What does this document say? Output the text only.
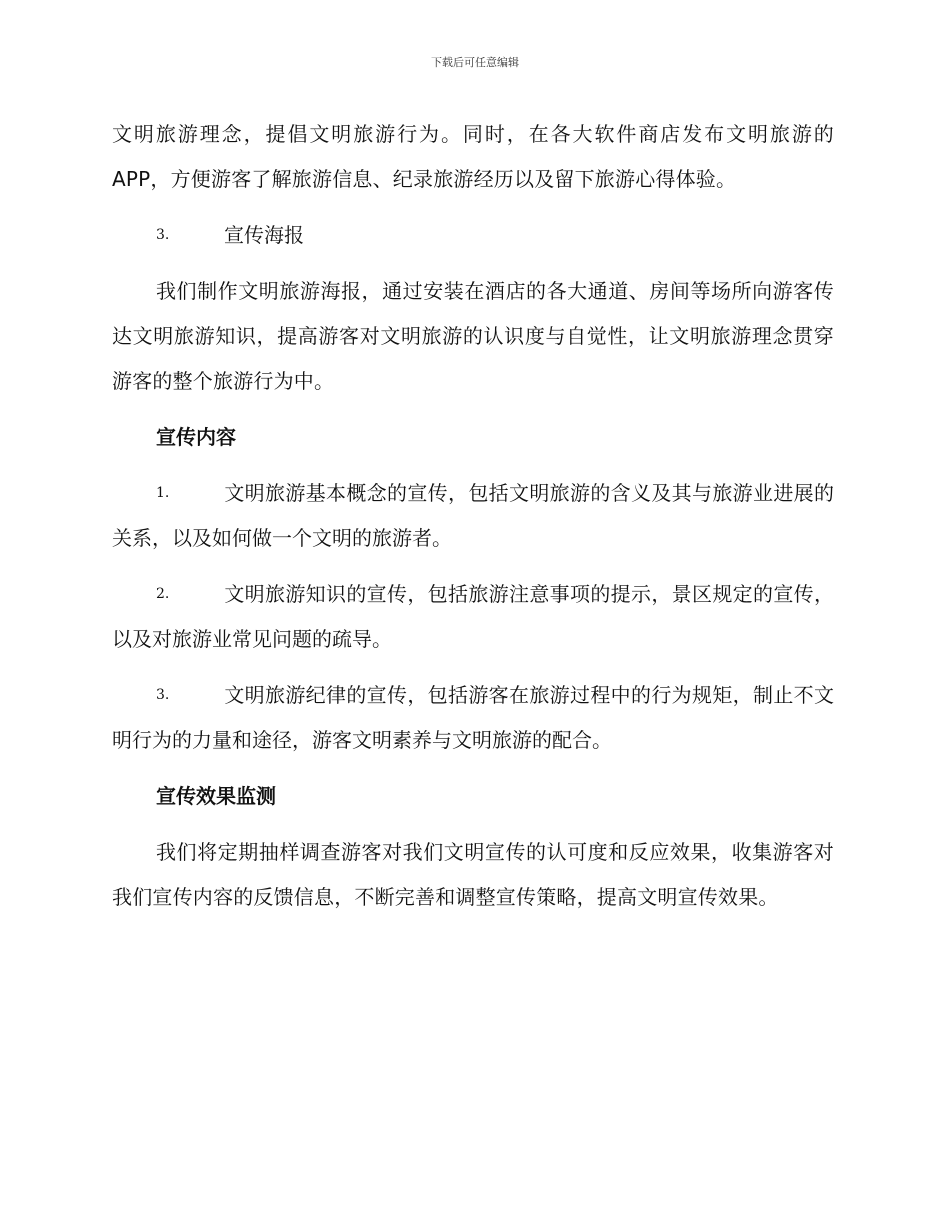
下载后可任意编辑

文明旅游理念，提倡文明旅游行为。同时，在各大软件商店发布文明旅游的APP，方便游客了解旅游信息、纪录旅游经历以及留下旅游心得体验。

3.	宣传海报

我们制作文明旅游海报，通过安装在酒店的各大通道、房间等场所向游客传达文明旅游知识，提高游客对文明旅游的认识度与自觉性，让文明旅游理念贯穿游客的整个旅游行为中。

宣传内容

1.	文明旅游基本概念的宣传，包括文明旅游的含义及其与旅游业进展的关系，以及如何做一个文明的旅游者。

2.	文明旅游知识的宣传，包括旅游注意事项的提示，景区规定的宣传，以及对旅游业常见问题的疏导。

3.	文明旅游纪律的宣传，包括游客在旅游过程中的行为规矩，制止不文明行为的力量和途径，游客文明素养与文明旅游的配合。

宣传效果监测

我们将定期抽样调查游客对我们文明宣传的认可度和反应效果，收集游客对我们宣传内容的反馈信息，不断完善和调整宣传策略，提高文明宣传效果。
